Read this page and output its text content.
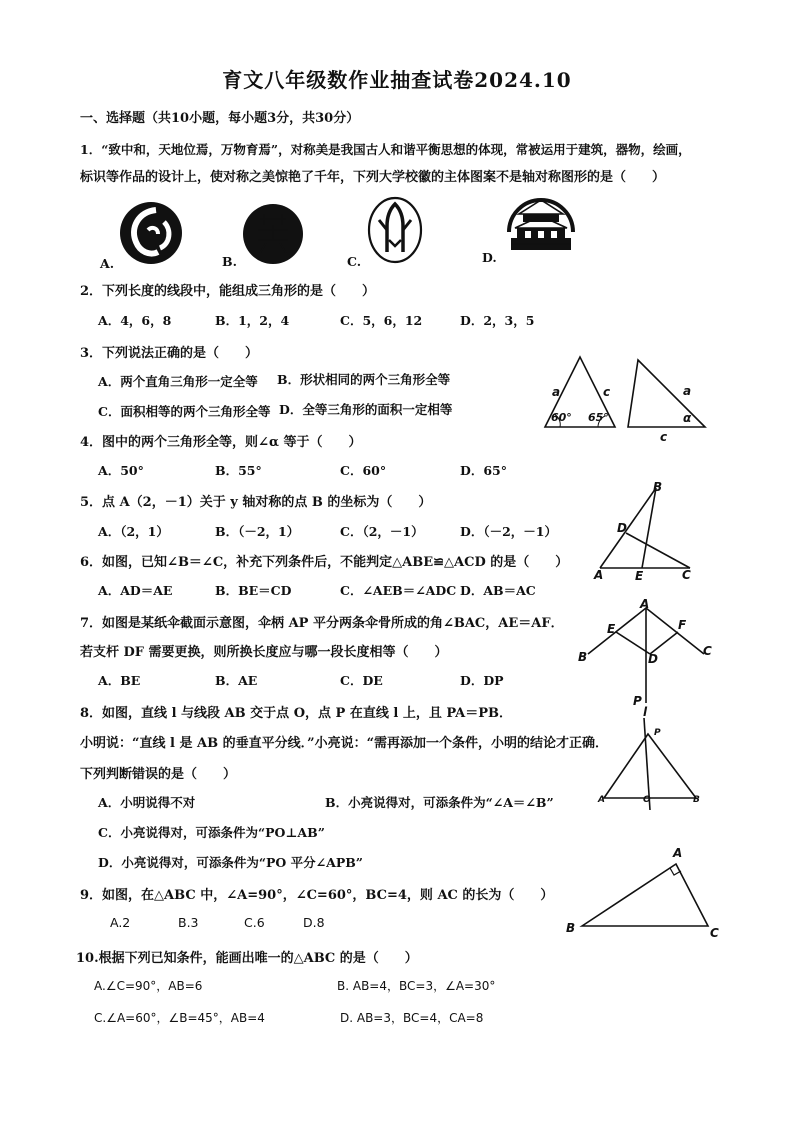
育文八年级数作业抽查试卷2024.10
一、选择题（共10小题，每小题3分，共30分）
1．“致中和，天地位焉，万物育焉”，对称美是我国古人和谐平衡思想的体现，常被运用于建筑，器物，绘画，
标识等作品的设计上，使对称之美惊艳了千年，下列大学校徽的主体图案不是轴对称图形的是（　　）
A.	B.	C.	D.
2．下列长度的线段中，能组成三角形的是（　　）
A．4，6，8	B．1，2，4	C．5，6，12	D．2，3，5
3．下列说法正确的是（　　）
A．两个直角三角形一定全等 B．形状相同的两个三角形全等
C．面积相等的两个三角形全等 D．全等三角形的面积一定相等
a	c
60° 65°
a
α
c
4．图中的两个三角形全等，则∠α 等于（　　）
A．50°	B．55°	C．60°	D．65°
5．点 A（2，－1）关于 y 轴对称的点 B 的坐标为（　　）
A．（2，1）	B．（－2，1）	C．（2，－1）	D．（－2，－1）
B
D
A	E	C
6．如图，已知∠B＝∠C，补充下列条件后，不能判定△ABE≌△ACD 的是（　　）
A．AD＝AE	B．BE＝CD	C．∠AEB＝∠ADC D．AB＝AC
A
E	F
B	C
D
P
7．如图是某纸伞截面示意图，伞柄 AP 平分两条伞骨所成的角∠BAC，AE＝AF．
若支杆 DF 需要更换，则所换长度应与哪一段长度相等（　　）
A．BE	B．AE	C．DE	D．DP
l
P
A	O	B
8．如图，直线 l 与线段 AB 交于点 O，点 P 在直线 l 上，且 PA＝PB．
小明说：“直线 l 是 AB 的垂直平分线．”小亮说：“需再添加一个条件，小明的结论才正确．
下列判断错误的是（　　）
A．小明说得不对	B．小亮说得对，可添条件为“∠A＝∠B”
C．小亮说得对，可添条件为“PO⊥AB”
D．小亮说得对，可添条件为“PO 平分∠APB”
A
B	C
9．如图，在△ABC 中，∠A=90°，∠C=60°，BC=4，则 AC 的长为（　　）
A.2	B.3	C.6	D.8
10.根据下列已知条件，能画出唯一的△ABC 的是（　　）
A.∠C=90°，AB=6	B. AB=4，BC=3，∠A=30°
C.∠A=60°，∠B=45°，AB=4	D. AB=3，BC=4，CA=8
